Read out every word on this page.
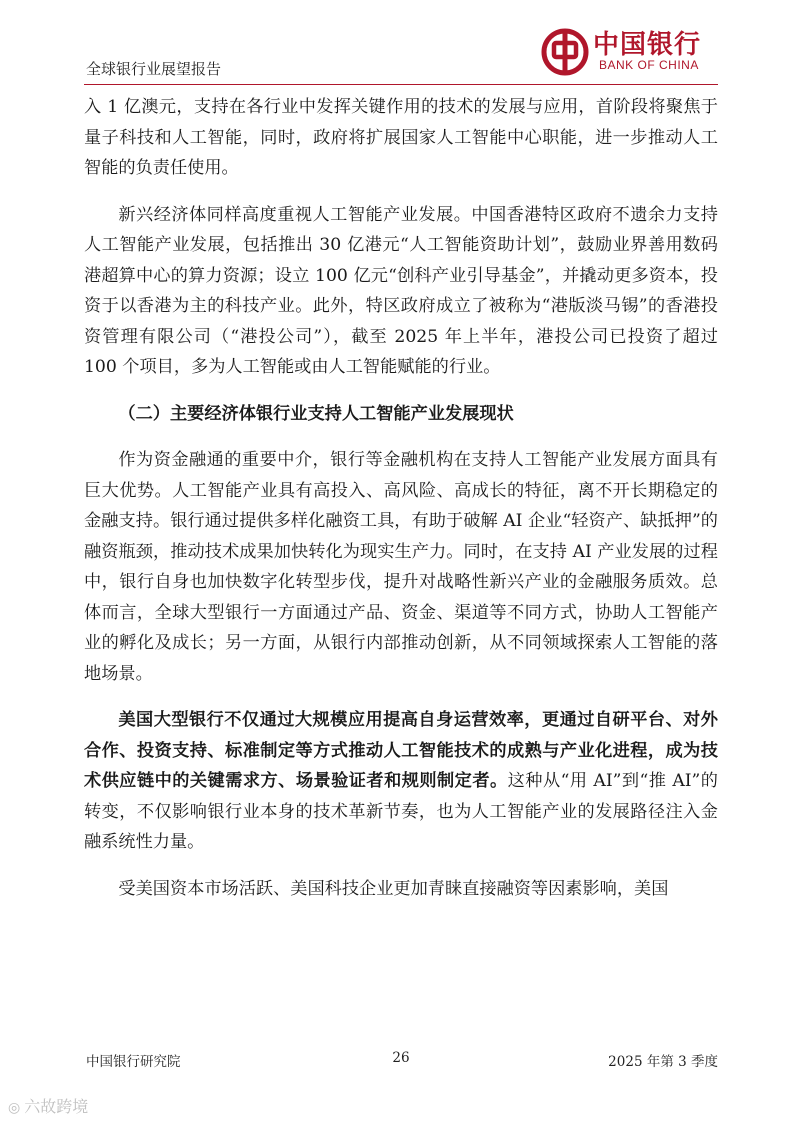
全球银行业展望报告
中国银行
BANK OF CHINA

入 1 亿澳元，支持在各行业中发挥关键作用的技术的发展与应用，首阶段将聚焦于量子科技和人工智能，同时，政府将扩展国家人工智能中心职能，进一步推动人工智能的负责任使用。

新兴经济体同样高度重视人工智能产业发展。中国香港特区政府不遗余力支持人工智能产业发展，包括推出 30 亿港元“人工智能资助计划”，鼓励业界善用数码港超算中心的算力资源；设立 100 亿元“创科产业引导基金”，并撬动更多资本，投资于以香港为主的科技产业。此外，特区政府成立了被称为“港版淡马锡”的香港投资管理有限公司（“港投公司”），截至 2025 年上半年，港投公司已投资了超过 100 个项目，多为人工智能或由人工智能赋能的行业。

（二）主要经济体银行业支持人工智能产业发展现状

作为资金融通的重要中介，银行等金融机构在支持人工智能产业发展方面具有巨大优势。人工智能产业具有高投入、高风险、高成长的特征，离不开长期稳定的金融支持。银行通过提供多样化融资工具，有助于破解 AI 企业“轻资产、缺抵押”的融资瓶颈，推动技术成果加快转化为现实生产力。同时，在支持 AI 产业发展的过程中，银行自身也加快数字化转型步伐，提升对战略性新兴产业的金融服务质效。总体而言，全球大型银行一方面通过产品、资金、渠道等不同方式，协助人工智能产业的孵化及成长；另一方面，从银行内部推动创新，从不同领域探索人工智能的落地场景。

美国大型银行不仅通过大规模应用提高自身运营效率，更通过自研平台、对外合作、投资支持、标准制定等方式推动人工智能技术的成熟与产业化进程，成为技术供应链中的关键需求方、场景验证者和规则制定者。这种从“用 AI”到“推 AI”的转变，不仅影响银行业本身的技术革新节奏，也为人工智能产业的发展路径注入金融系统性力量。

受美国资本市场活跃、美国科技企业更加青睐直接融资等因素影响，美国

中国银行研究院	26	2025 年第 3 季度
◎ 六故跨境
